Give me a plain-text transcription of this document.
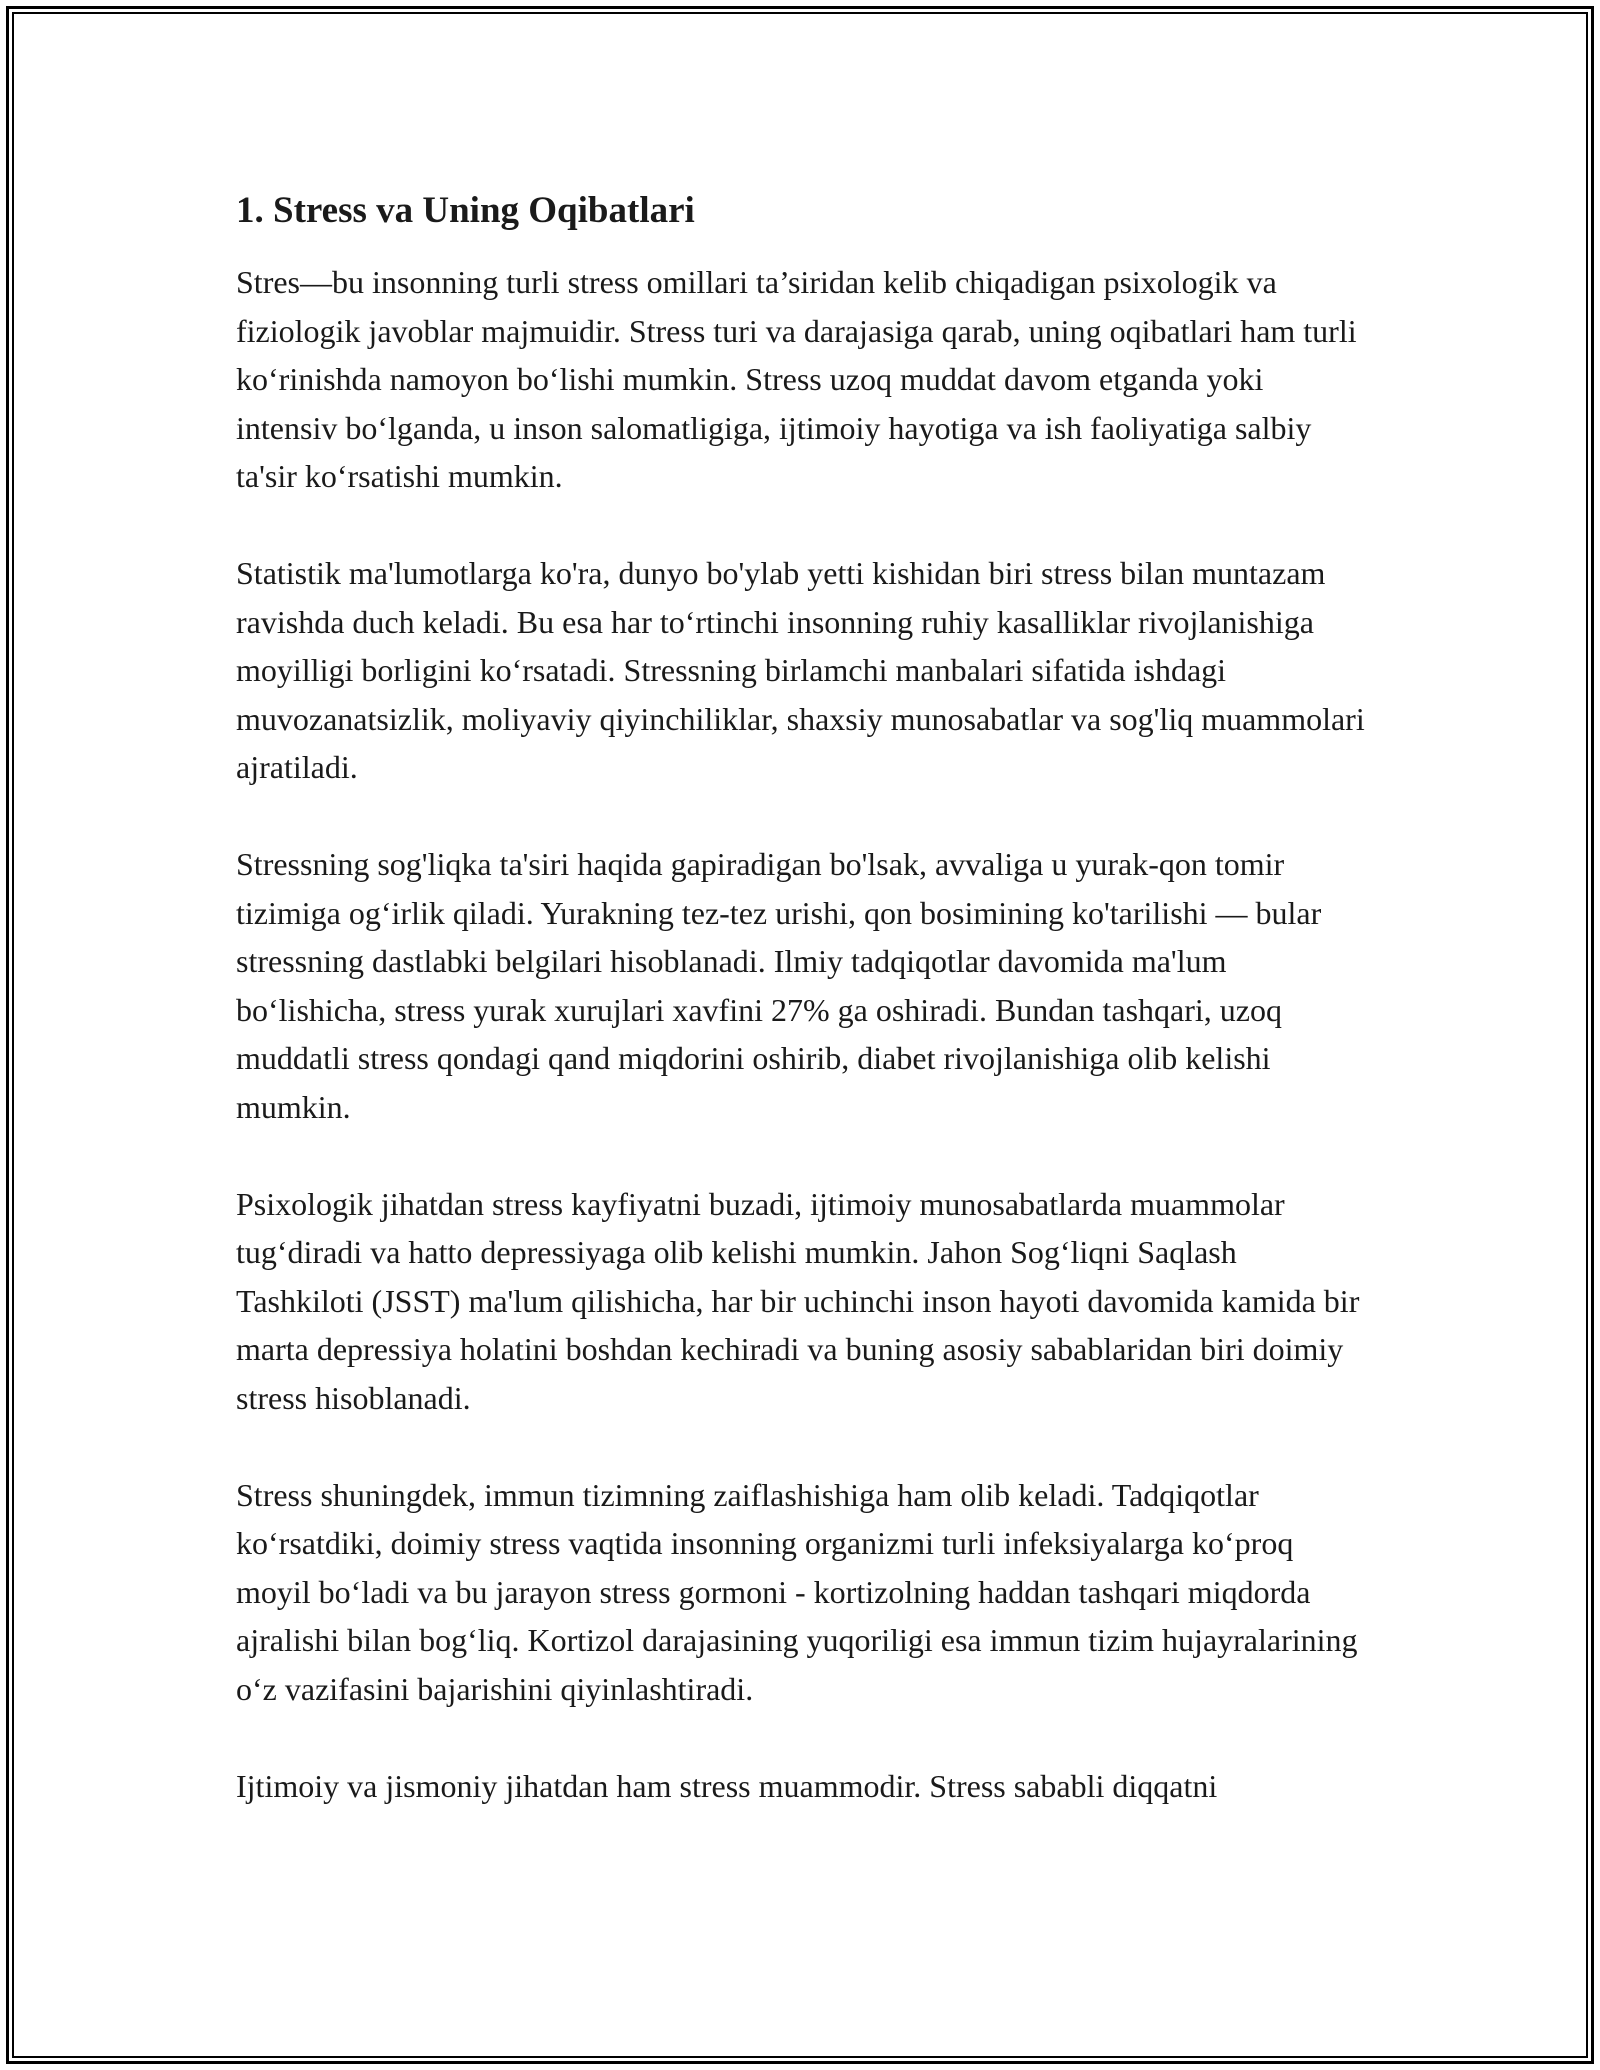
1. Stress va Uning Oqibatlari

Stres—bu insonning turli stress omillari ta’siridan kelib chiqadigan psixologik va fiziologik javoblar majmuidir. Stress turi va darajasiga qarab, uning oqibatlari ham turli ko‘rinishda namoyon bo‘lishi mumkin. Stress uzoq muddat davom etganda yoki intensiv bo‘lganda, u inson salomatligiga, ijtimoiy hayotiga va ish faoliyatiga salbiy ta'sir ko‘rsatishi mumkin.

Statistik ma'lumotlarga ko'ra, dunyo bo'ylab yetti kishidan biri stress bilan muntazam ravishda duch keladi. Bu esa har to‘rtinchi insonning ruhiy kasalliklar rivojlanishiga moyilligi borligini ko‘rsatadi. Stressning birlamchi manbalari sifatida ishdagi muvozanatsizlik, moliyaviy qiyinchiliklar, shaxsiy munosabatlar va sog'liq muammolari ajratiladi.

Stressning sog'liqka ta'siri haqida gapiradigan bo'lsak, avvaliga u yurak-qon tomir tizimiga og‘irlik qiladi. Yurakning tez-tez urishi, qon bosimining ko'tarilishi — bular stressning dastlabki belgilari hisoblanadi. Ilmiy tadqiqotlar davomida ma'lum bo‘lishicha, stress yurak xurujlari xavfini 27% ga oshiradi. Bundan tashqari, uzoq muddatli stress qondagi qand miqdorini oshirib, diabet rivojlanishiga olib kelishi mumkin.

Psixologik jihatdan stress kayfiyatni buzadi, ijtimoiy munosabatlarda muammolar tug‘diradi va hatto depressiyaga olib kelishi mumkin. Jahon Sog‘liqni Saqlash Tashkiloti (JSST) ma'lum qilishicha, har bir uchinchi inson hayoti davomida kamida bir marta depressiya holatini boshdan kechiradi va buning asosiy sabablaridan biri doimiy stress hisoblanadi.

Stress shuningdek, immun tizimning zaiflashishiga ham olib keladi. Tadqiqotlar ko‘rsatdiki, doimiy stress vaqtida insonning organizmi turli infeksiyalarga ko‘proq moyil bo‘ladi va bu jarayon stress gormoni - kortizolning haddan tashqari miqdorda ajralishi bilan bog‘liq. Kortizol darajasining yuqoriligi esa immun tizim hujayralarining o‘z vazifasini bajarishini qiyinlashtiradi.

Ijtimoiy va jismoniy jihatdan ham stress muammodir. Stress sababli diqqatni
